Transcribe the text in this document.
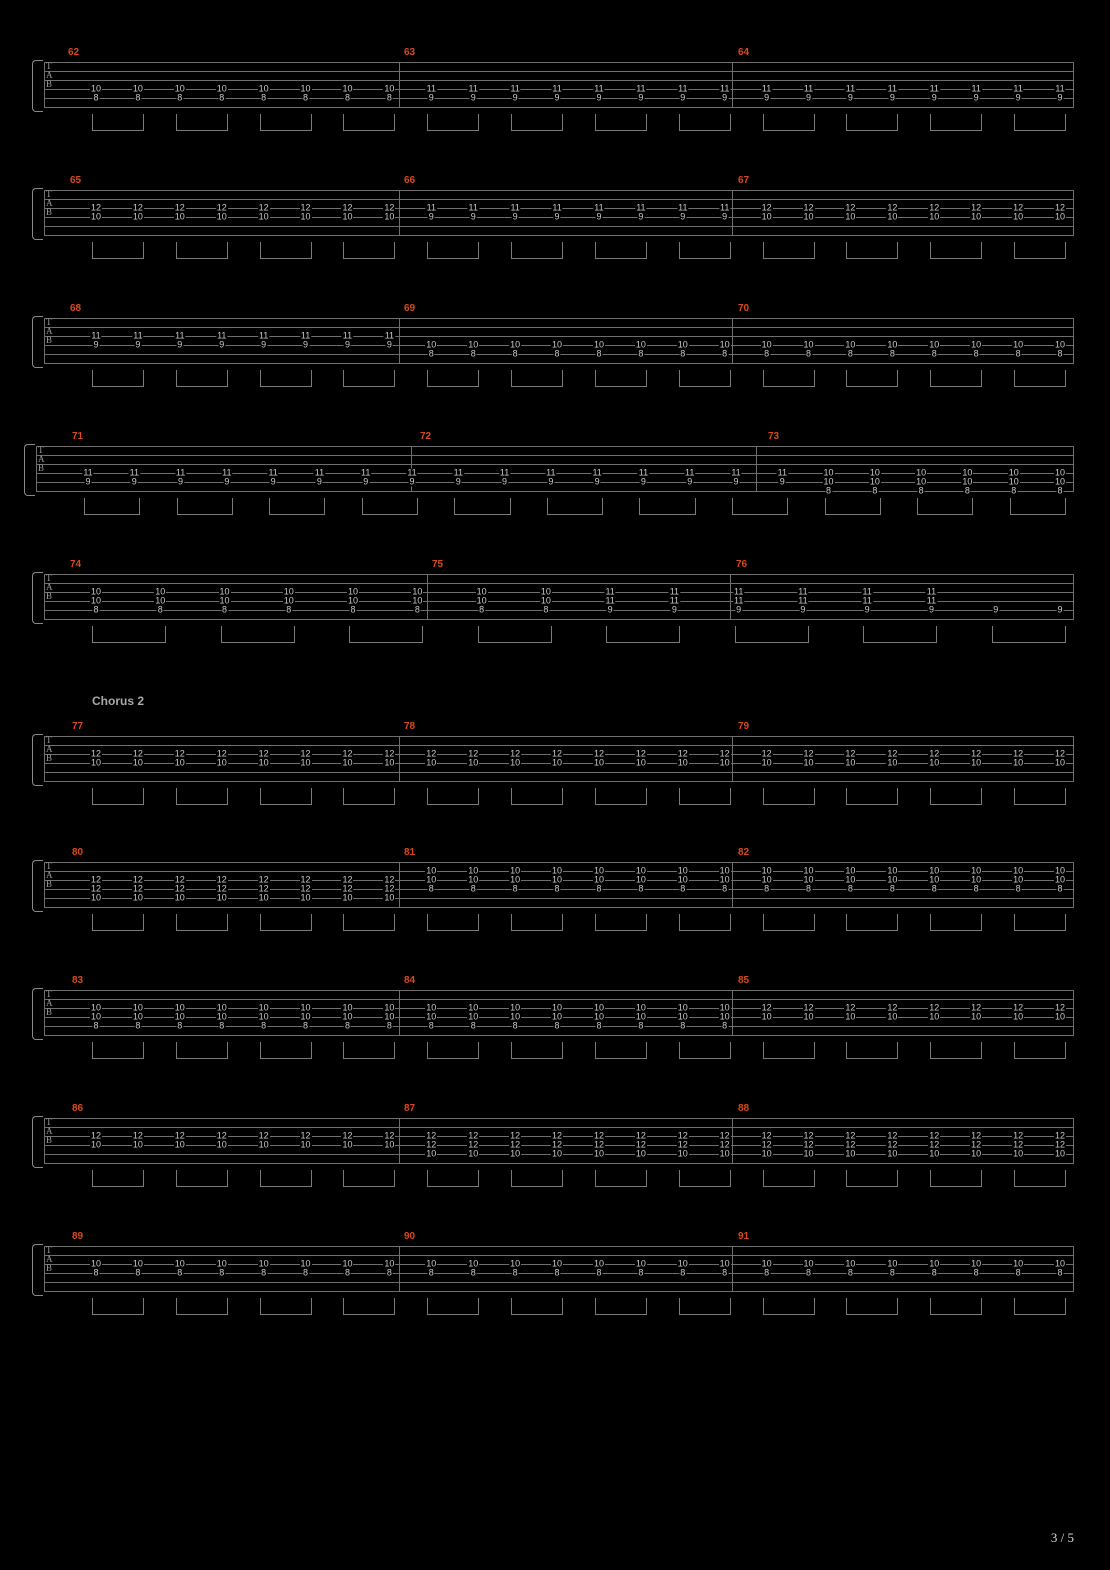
62	63	64
T
A
B
65	66	67
T
A
B
68	69	70
T
A
B
71	72	73
T
A
B
74	75	76
T
A
B
Chorus 2
77	78	79
T
A
B
80	81	82
T
A
B
83	84	85
T
A
B
86	87	88
T
A
B
89	90	91
T
A
B
3 / 5
10	10	10	10	10	10	10	10	11	11	11	11	11	11	11	11	11	11	11	11	11	11	11	11
8	8	8	8	8	8	8	8	9	9	9	9	9	9	9	9	9	9	9	9	9	9	9	9
12	12	12	12	12	12	12	12	11	11	11	11	11	11	11	11	12	12	12	12	12	12	12	12
10	10	10	10	10	10	10	10	9	9	9	9	9	9	9	9	10	10	10	10	10	10	10	10
11	11	11	11	11	11	11	11
9	9	9	9	9	9	9	9	10	10	10	10	10	10	10	10	10	10	10	10	10	10	10	10
8	8	8	8	8	8	8	8	8	8	8	8	8	8	8	8
11	11	11	11	11	11	11	11	11	11	11	11	11	11	11	11	10	10	10	10	10	10
9	9	9	9	9	9	9	9	9	9	9	9	9	9	9	9	10	10	10	10	10	10
8	8	8	8	8	8
10	10	10	10	10	10	10	10	11	11	11	11	11	11
10	10	10	10	10	10	10	10	11	11	11	11	11	11
8	8	8	8	8	8	8	8	9	9	9	9	9	9	9	9
12	12	12	12	12	12	12	12	12	12	12	12	12	12	12	12	12	12	12	12	12	12	12	12
10	10	10	10	10	10	10	10	10	10	10	10	10	10	10	10	10	10	10	10	10	10	10	10
10	10	10	10	10	10	10	10	10	10	10	10	10	10	10	10
12	12	12	12	12	12	12	12	10	10	10	10	10	10	10	10	10	10	10	10	10	10	10	10
12	12	12	12	12	12	12	12	8	8	8	8	8	8	8	8	8	8	8	8	8	8	8	8
10	10	10	10	10	10	10	10
10	10	10	10	10	10	10	10	10	10	10	10	10	10	10	10	12	12	12	12	12	12	12	12
10	10	10	10	10	10	10	10	10	10	10	10	10	10	10	10	10	10	10	10	10	10	10	10
8	8	8	8	8	8	8	8	8	8	8	8	8	8	8	8
12	12	12	12	12	12	12	12	12	12	12	12	12	12	12	12	12	12	12	12	12	12	12	12
10	10	10	10	10	10	10	10	12	12	12	12	12	12	12	12	12	12	12	12	12	12	12	12
10	10	10	10	10	10	10	10	10	10	10	10	10	10	10	10
10	10	10	10	10	10	10	10	10	10	10	10	10	10	10	10	10	10	10	10	10	10	10	10
8	8	8	8	8	8	8	8	8	8	8	8	8	8	8	8	8	8	8	8	8	8	8	8
